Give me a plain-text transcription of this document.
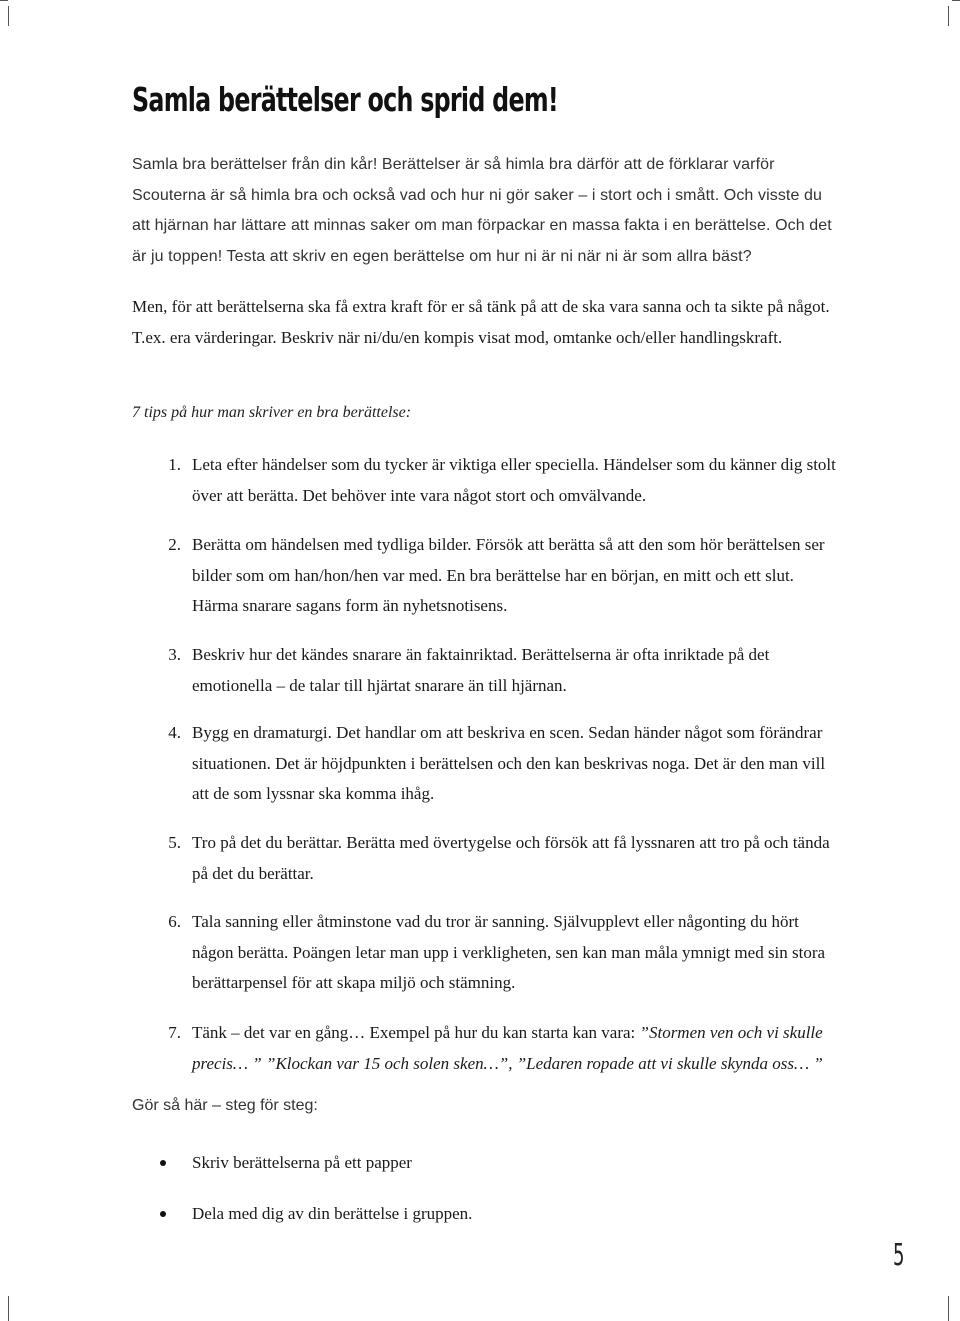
Samla berättelser och sprid dem!

Samla bra berättelser från din kår! Berättelser är så himla bra därför att de förklarar varför Scouterna är så himla bra och också vad och hur ni gör saker – i stort och i smått. Och visste du att hjärnan har lättare att minnas saker om man förpackar en massa fakta i en berättelse. Och det är ju toppen! Testa att skriv en egen berättelse om hur ni är ni när ni är som allra bäst?

Men, för att berättelserna ska få extra kraft för er så tänk på att de ska vara sanna och ta sikte på något. T.ex. era värderingar. Beskriv när ni/du/en kompis visat mod, omtanke och/eller handlingskraft.

7 tips på hur man skriver en bra berättelse:

1. Leta efter händelser som du tycker är viktiga eller speciella. Händelser som du känner dig stolt över att berätta. Det behöver inte vara något stort och omvälvande.

2. Berätta om händelsen med tydliga bilder. Försök att berätta så att den som hör berättelsen ser bilder som om han/hon/hen var med. En bra berättelse har en början, en mitt och ett slut. Härma snarare sagans form än nyhetsnotisens.

3. Beskriv hur det kändes snarare än faktainriktad. Berättelserna är ofta inriktade på det emotionella – de talar till hjärtat snarare än till hjärnan.

4. Bygg en dramaturgi. Det handlar om att beskriva en scen. Sedan händer något som förändrar situationen. Det är höjdpunkten i berättelsen och den kan beskrivas noga. Det är den man vill att de som lyssnar ska komma ihåg.

5. Tro på det du berättar. Berätta med övertygelse och försök att få lyssnaren att tro på och tända på det du berättar.

6. Tala sanning eller åtminstone vad du tror är sanning. Självupplevt eller någonting du hört någon berätta. Poängen letar man upp i verkligheten, sen kan man måla ymnigt med sin stora berättarpensel för att skapa miljö och stämning.

7. Tänk – det var en gång… Exempel på hur du kan starta kan vara: ”Stormen ven och vi skulle precis… ” ”Klockan var 15 och solen sken…”, ”Ledaren ropade att vi skulle skynda oss… ”

Gör så här – steg för steg:

Skriv berättelserna på ett papper
Dela med dig av din berättelse i gruppen.
5
